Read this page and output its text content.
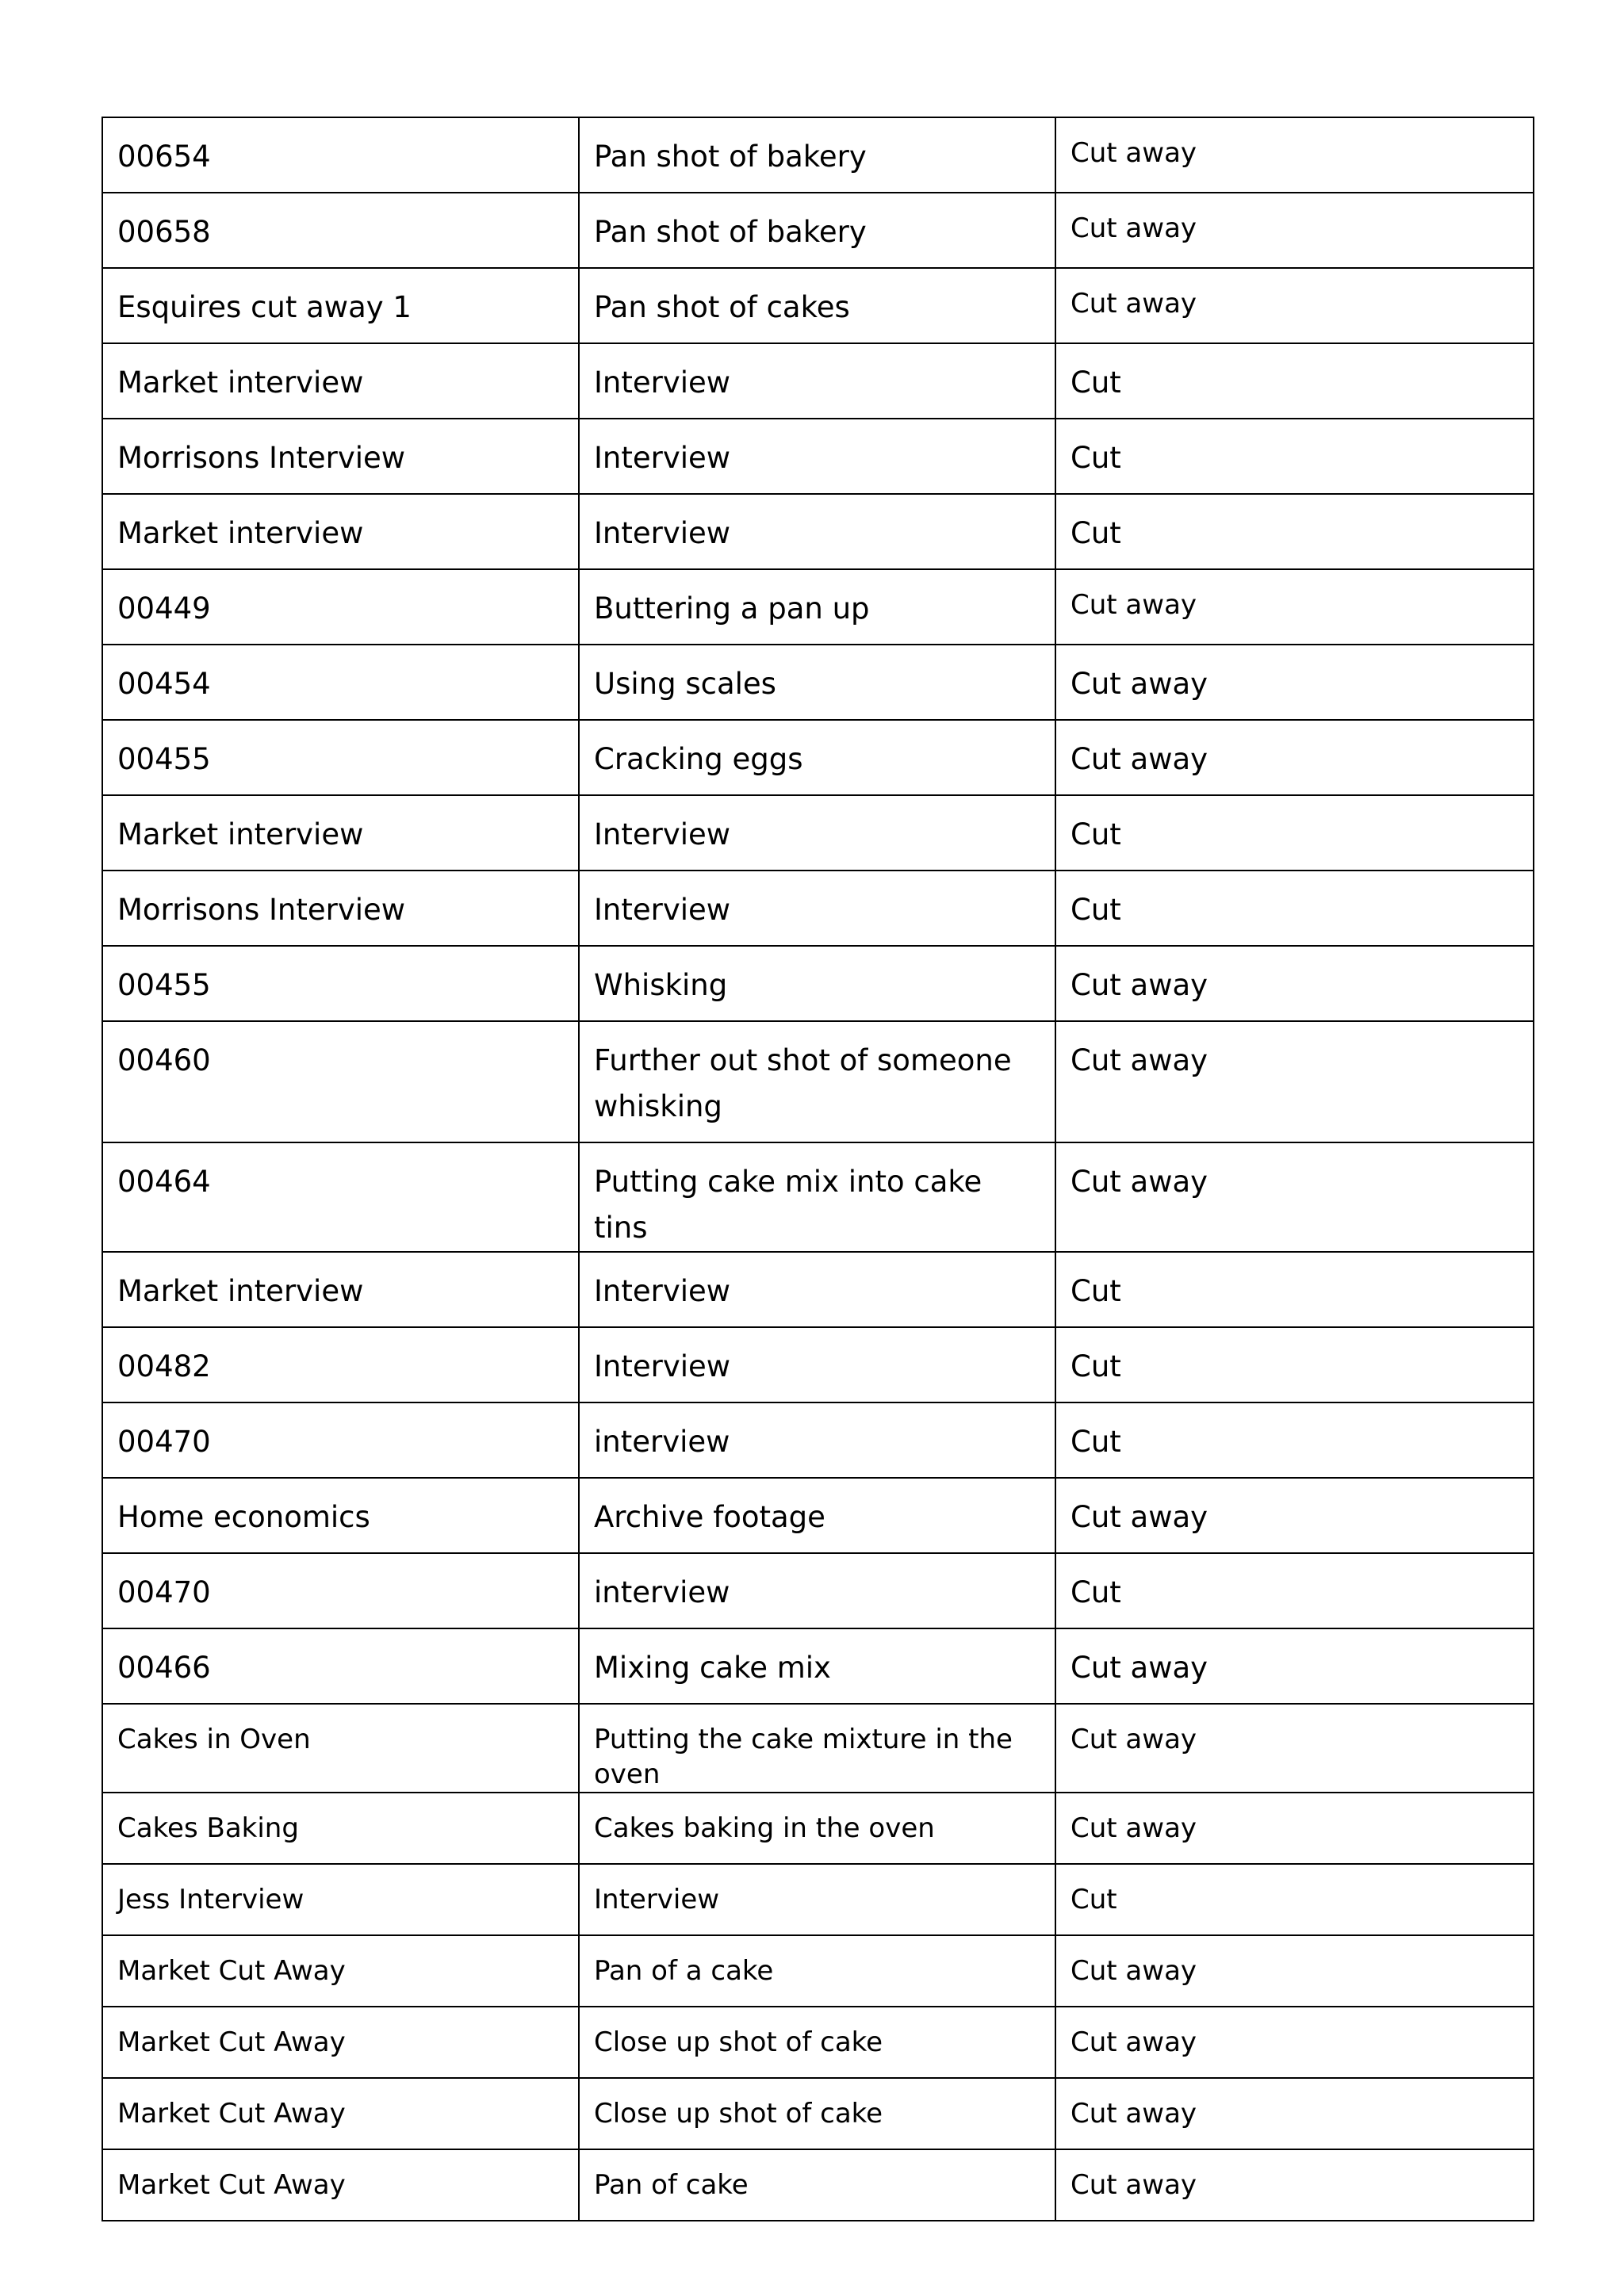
00654	Pan shot of bakery	Cut away
00658	Pan shot of bakery	Cut away
Esquires cut away 1	Pan shot of cakes	Cut away
Market interview	Interview	Cut
Morrisons Interview	Interview	Cut
Market interview	Interview	Cut
00449	Buttering a pan up	Cut away
00454	Using scales	Cut away
00455	Cracking eggs	Cut away
Market interview	Interview	Cut
Morrisons Interview	Interview	Cut
00455	Whisking	Cut away
00460	Further out shot of someone whisking	Cut away
00464	Putting cake mix into cake tins	Cut away
Market interview	Interview	Cut
00482	Interview	Cut
00470	interview	Cut
Home economics	Archive footage	Cut away
00470	interview	Cut
00466	Mixing cake mix	Cut away
Cakes in Oven	Putting the cake mixture in the oven	Cut away
Cakes Baking	Cakes baking in the oven	Cut away
Jess Interview	Interview	Cut
Market Cut Away	Pan of a cake	Cut away
Market Cut Away	Close up shot of cake	Cut away
Market Cut Away	Close up shot of cake	Cut away
Market Cut Away	Pan of cake	Cut away
